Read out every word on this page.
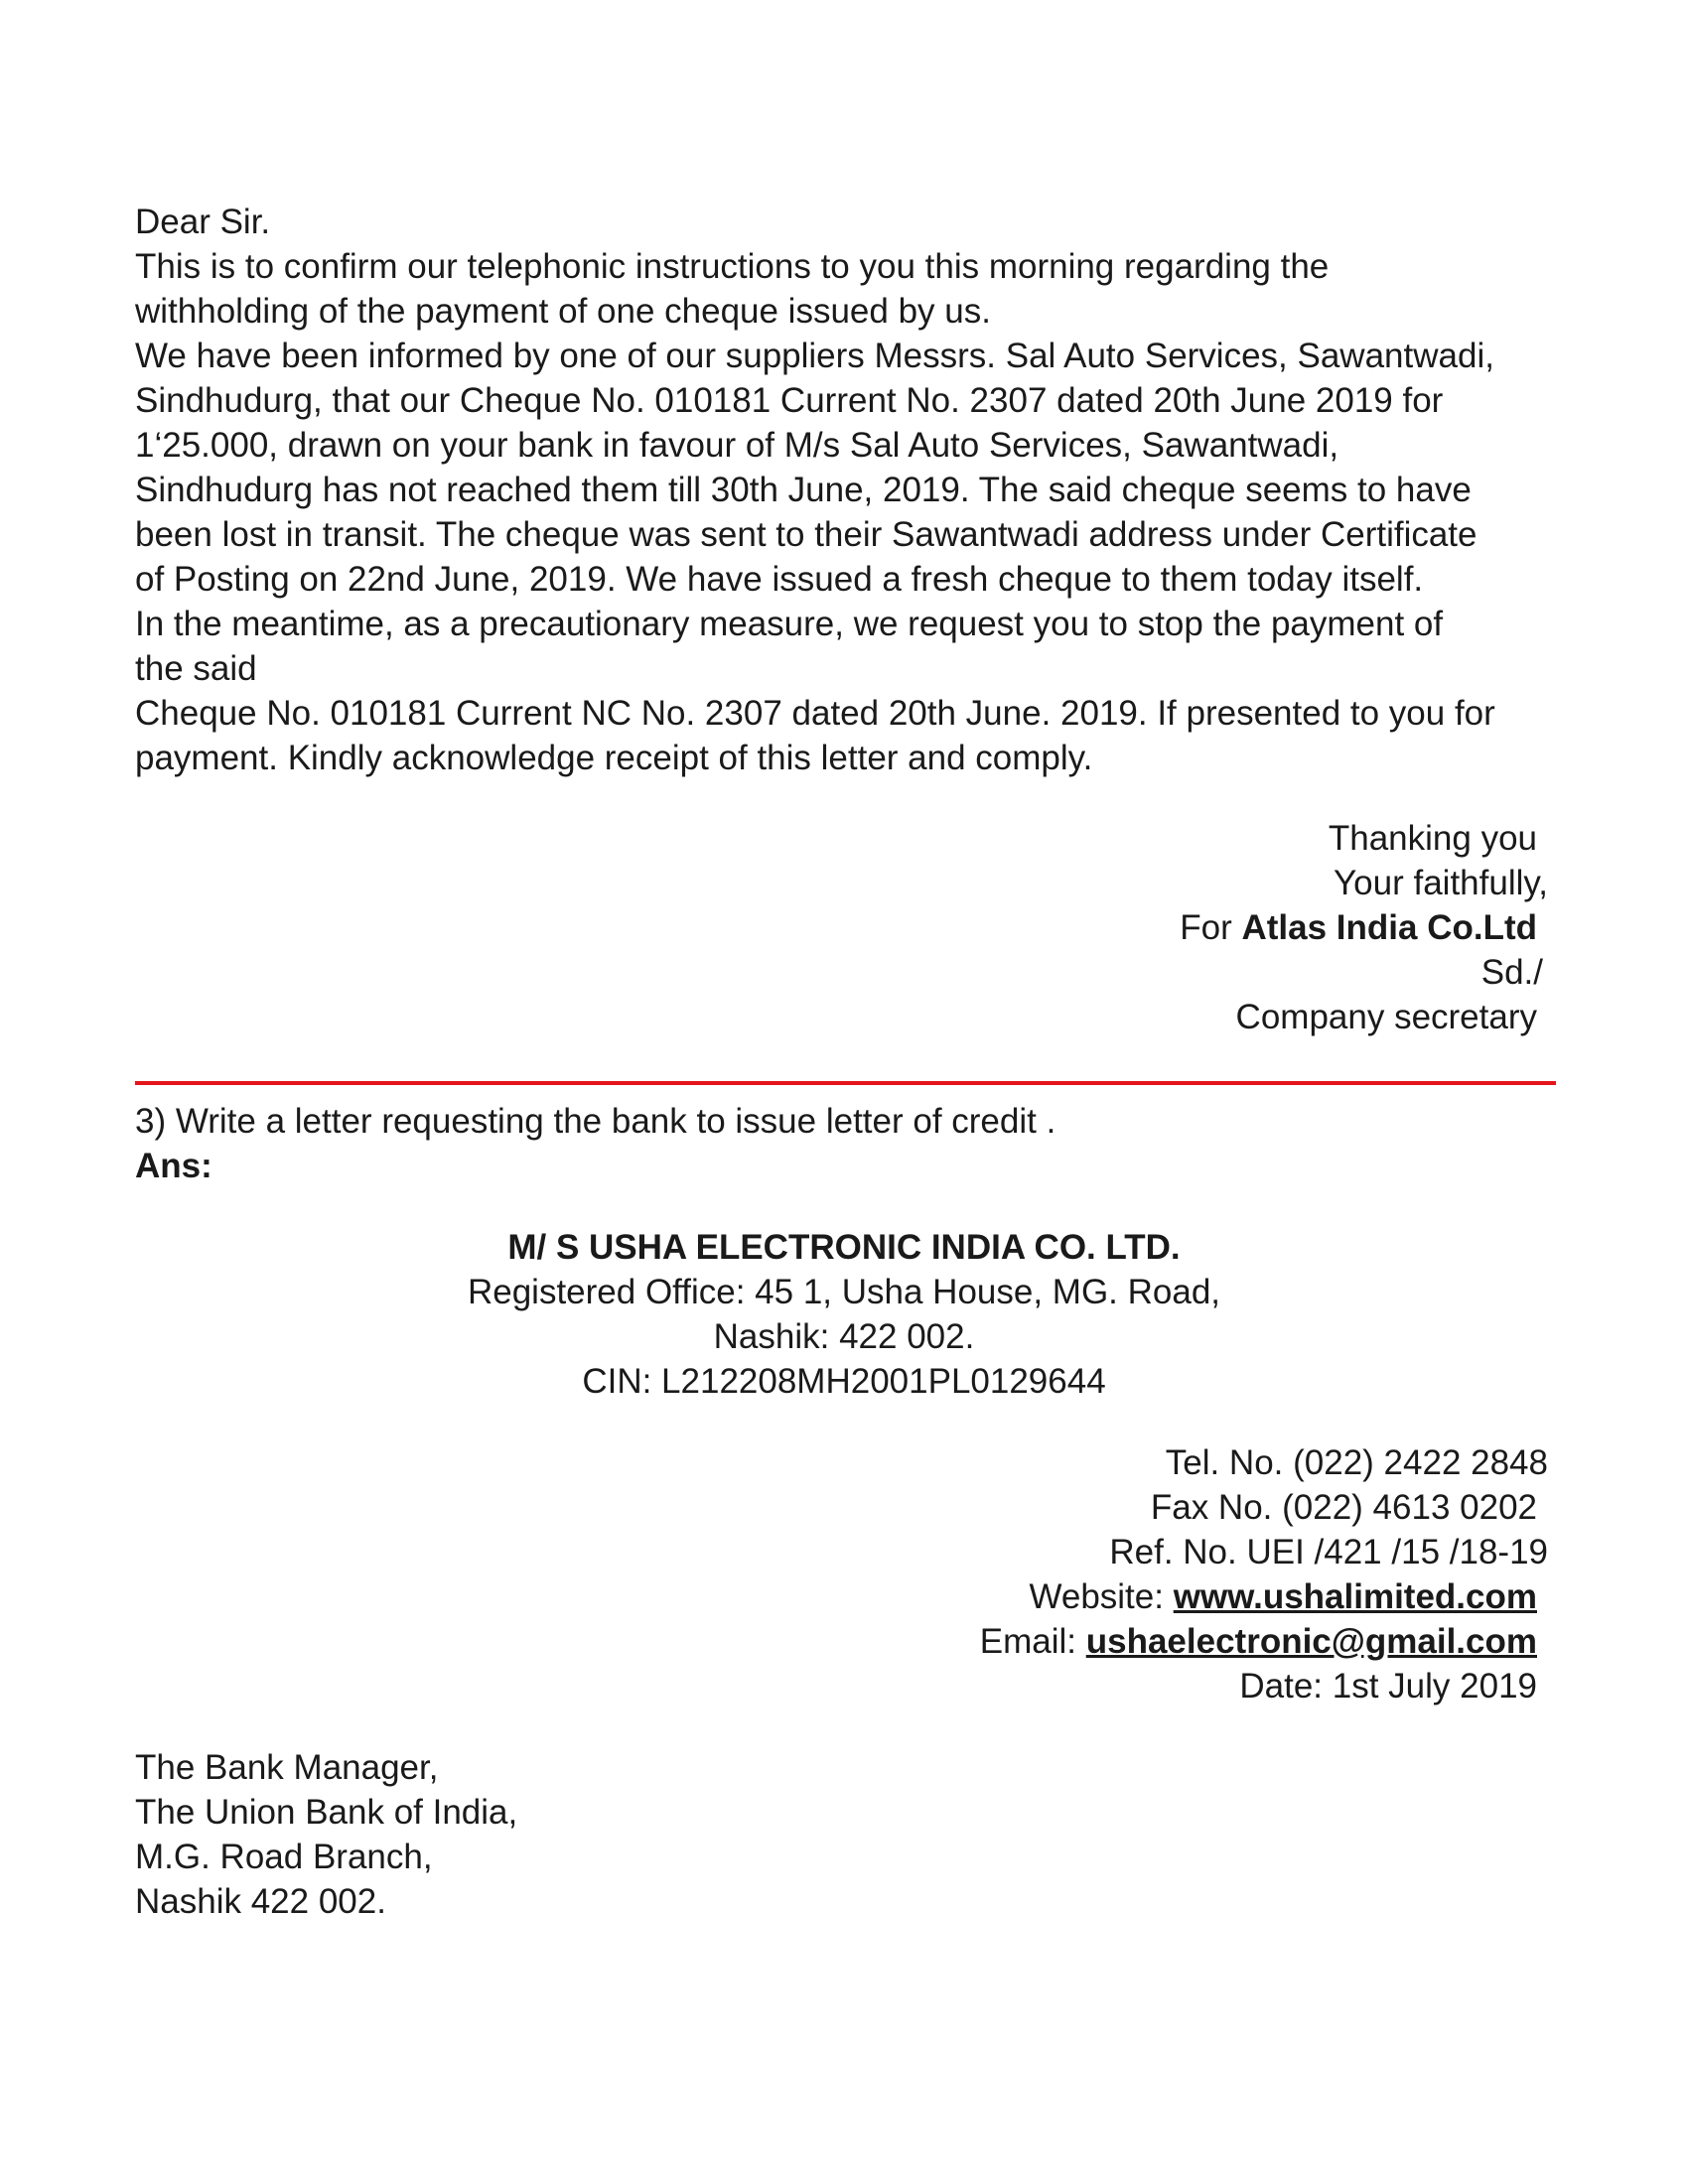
Dear Sir.
This is to confirm our telephonic instructions to you this morning regarding the
withholding of the payment of one cheque issued by us.
We have been informed by one of our suppliers Messrs. Sal Auto Services, Sawantwadi,
Sindhudurg, that our Cheque No. 010181 Current No. 2307 dated 20th June 2019 for
1‘25.000, drawn on your bank in favour of M/s Sal Auto Services, Sawantwadi,
Sindhudurg has not reached them till 30th June, 2019. The said cheque seems to have
been lost in transit. The cheque was sent to their Sawantwadi address under Certificate
of Posting on 22nd June, 2019. We have issued a fresh cheque to them today itself.
In the meantime, as a precautionary measure, we request you to stop the payment of
the said
Cheque No. 010181 Current NC No. 2307 dated 20th June. 2019. If presented to you for
payment. Kindly acknowledge receipt of this letter and comply.
Thanking you
Your faithfully,
For Atlas India Co.Ltd
Sd./
Company secretary
3) Write a letter requesting the bank to issue letter of credit .
Ans:
M/ S USHA ELECTRONIC INDIA CO. LTD.
Registered Office: 45 1, Usha House, MG. Road,
Nashik: 422 002.
CIN: L212208MH2001PL0129644
Tel. No. (022) 2422 2848
Fax No. (022) 4613 0202
Ref. No. UEI /421 /15 /18-19
Website: www.ushalimited.com
Email: ushaelectronic@gmail.com
Date: 1st July 2019
The Bank Manager,
The Union Bank of India,
M.G. Road Branch,
Nashik 422 002.
